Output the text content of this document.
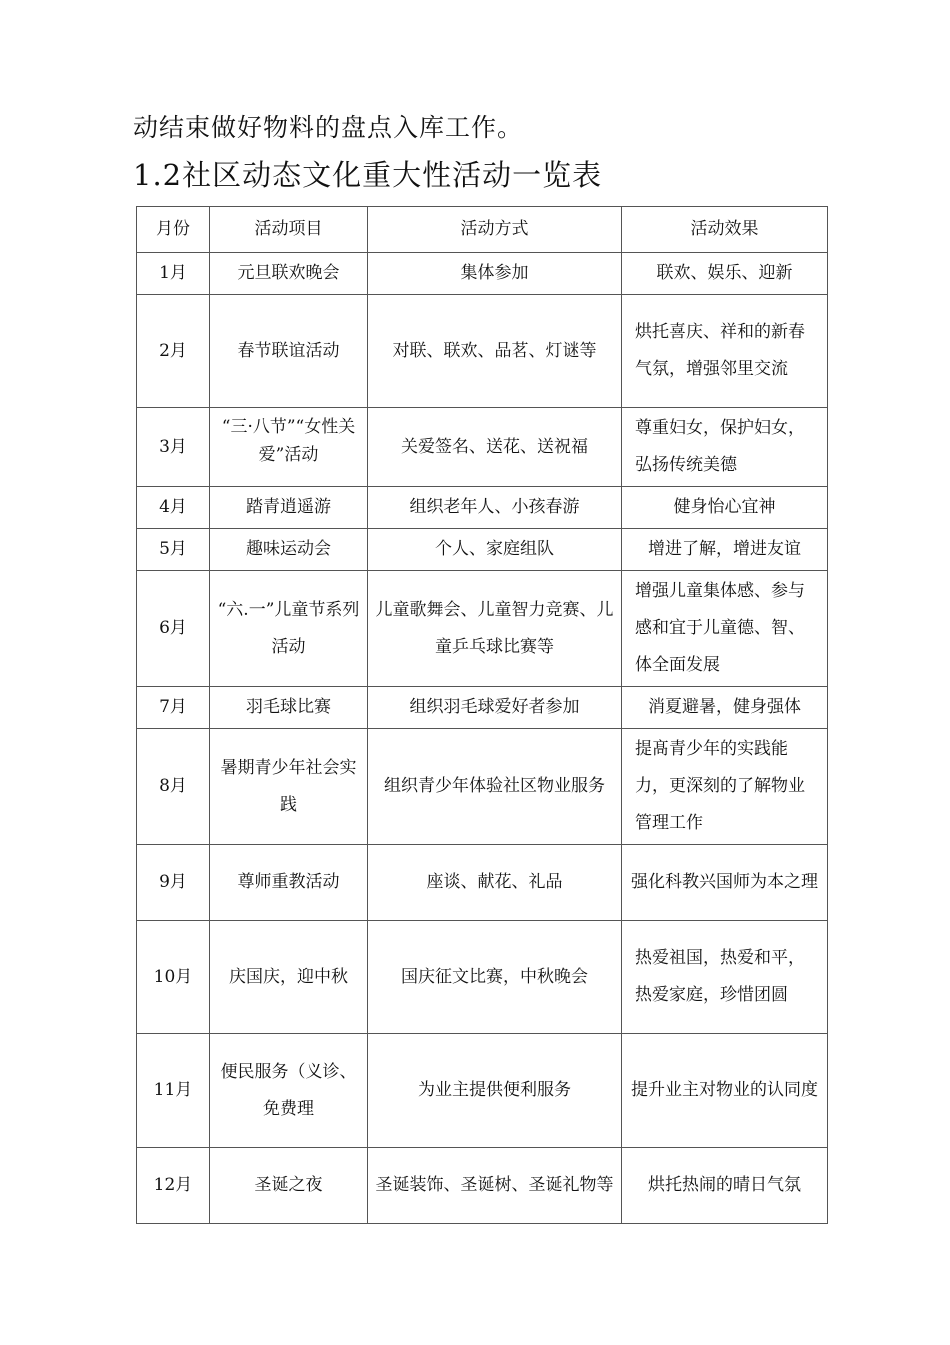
动结束做好物料的盘点入库工作。

1.2社区动态文化重大性活动一览表
月份	活动项目	活动方式	活动效果
1月	元旦联欢晚会	集体参加	联欢、娱乐、迎新
2月	春节联谊活动	对联、联欢、品茗、灯谜等	烘托喜庆、祥和的新春气氛，增强邻里交流
3月	“三·八节”“女性关爱”活动	关爱签名、送花、送祝福	尊重妇女，保护妇女，弘扬传统美德
4月	踏青逍遥游	组织老年人、小孩春游	健身怡心宜神
5月	趣味运动会	个人、家庭组队	增进了解，增进友谊
6月	“六.一”儿童节系列活动	儿童歌舞会、儿童智力竞赛、儿童乒乓球比赛等	增强儿童集体感、参与感和宜于儿童德、智、体全面发展
7月	羽毛球比赛	组织羽毛球爱好者参加	消夏避暑，健身强体
8月	暑期青少年社会实践	组织青少年体验社区物业服务	提髙青少年的实践能力，更深刻的了解物业管理工作
9月	尊师重教活动	座谈、献花、礼品	强化科教兴国师为本之理
10月	庆国庆，迎中秋	国庆征文比赛，中秋晚会	热爱祖国，热爱和平，热爱家庭，珍惜团圆
11月	便民服务（义诊、免费理	为业主提供便利服务	提升业主对物业的认同度
12月	圣诞之夜	圣诞装饰、圣诞树、圣诞礼物等	烘托热闹的晴日气氛
